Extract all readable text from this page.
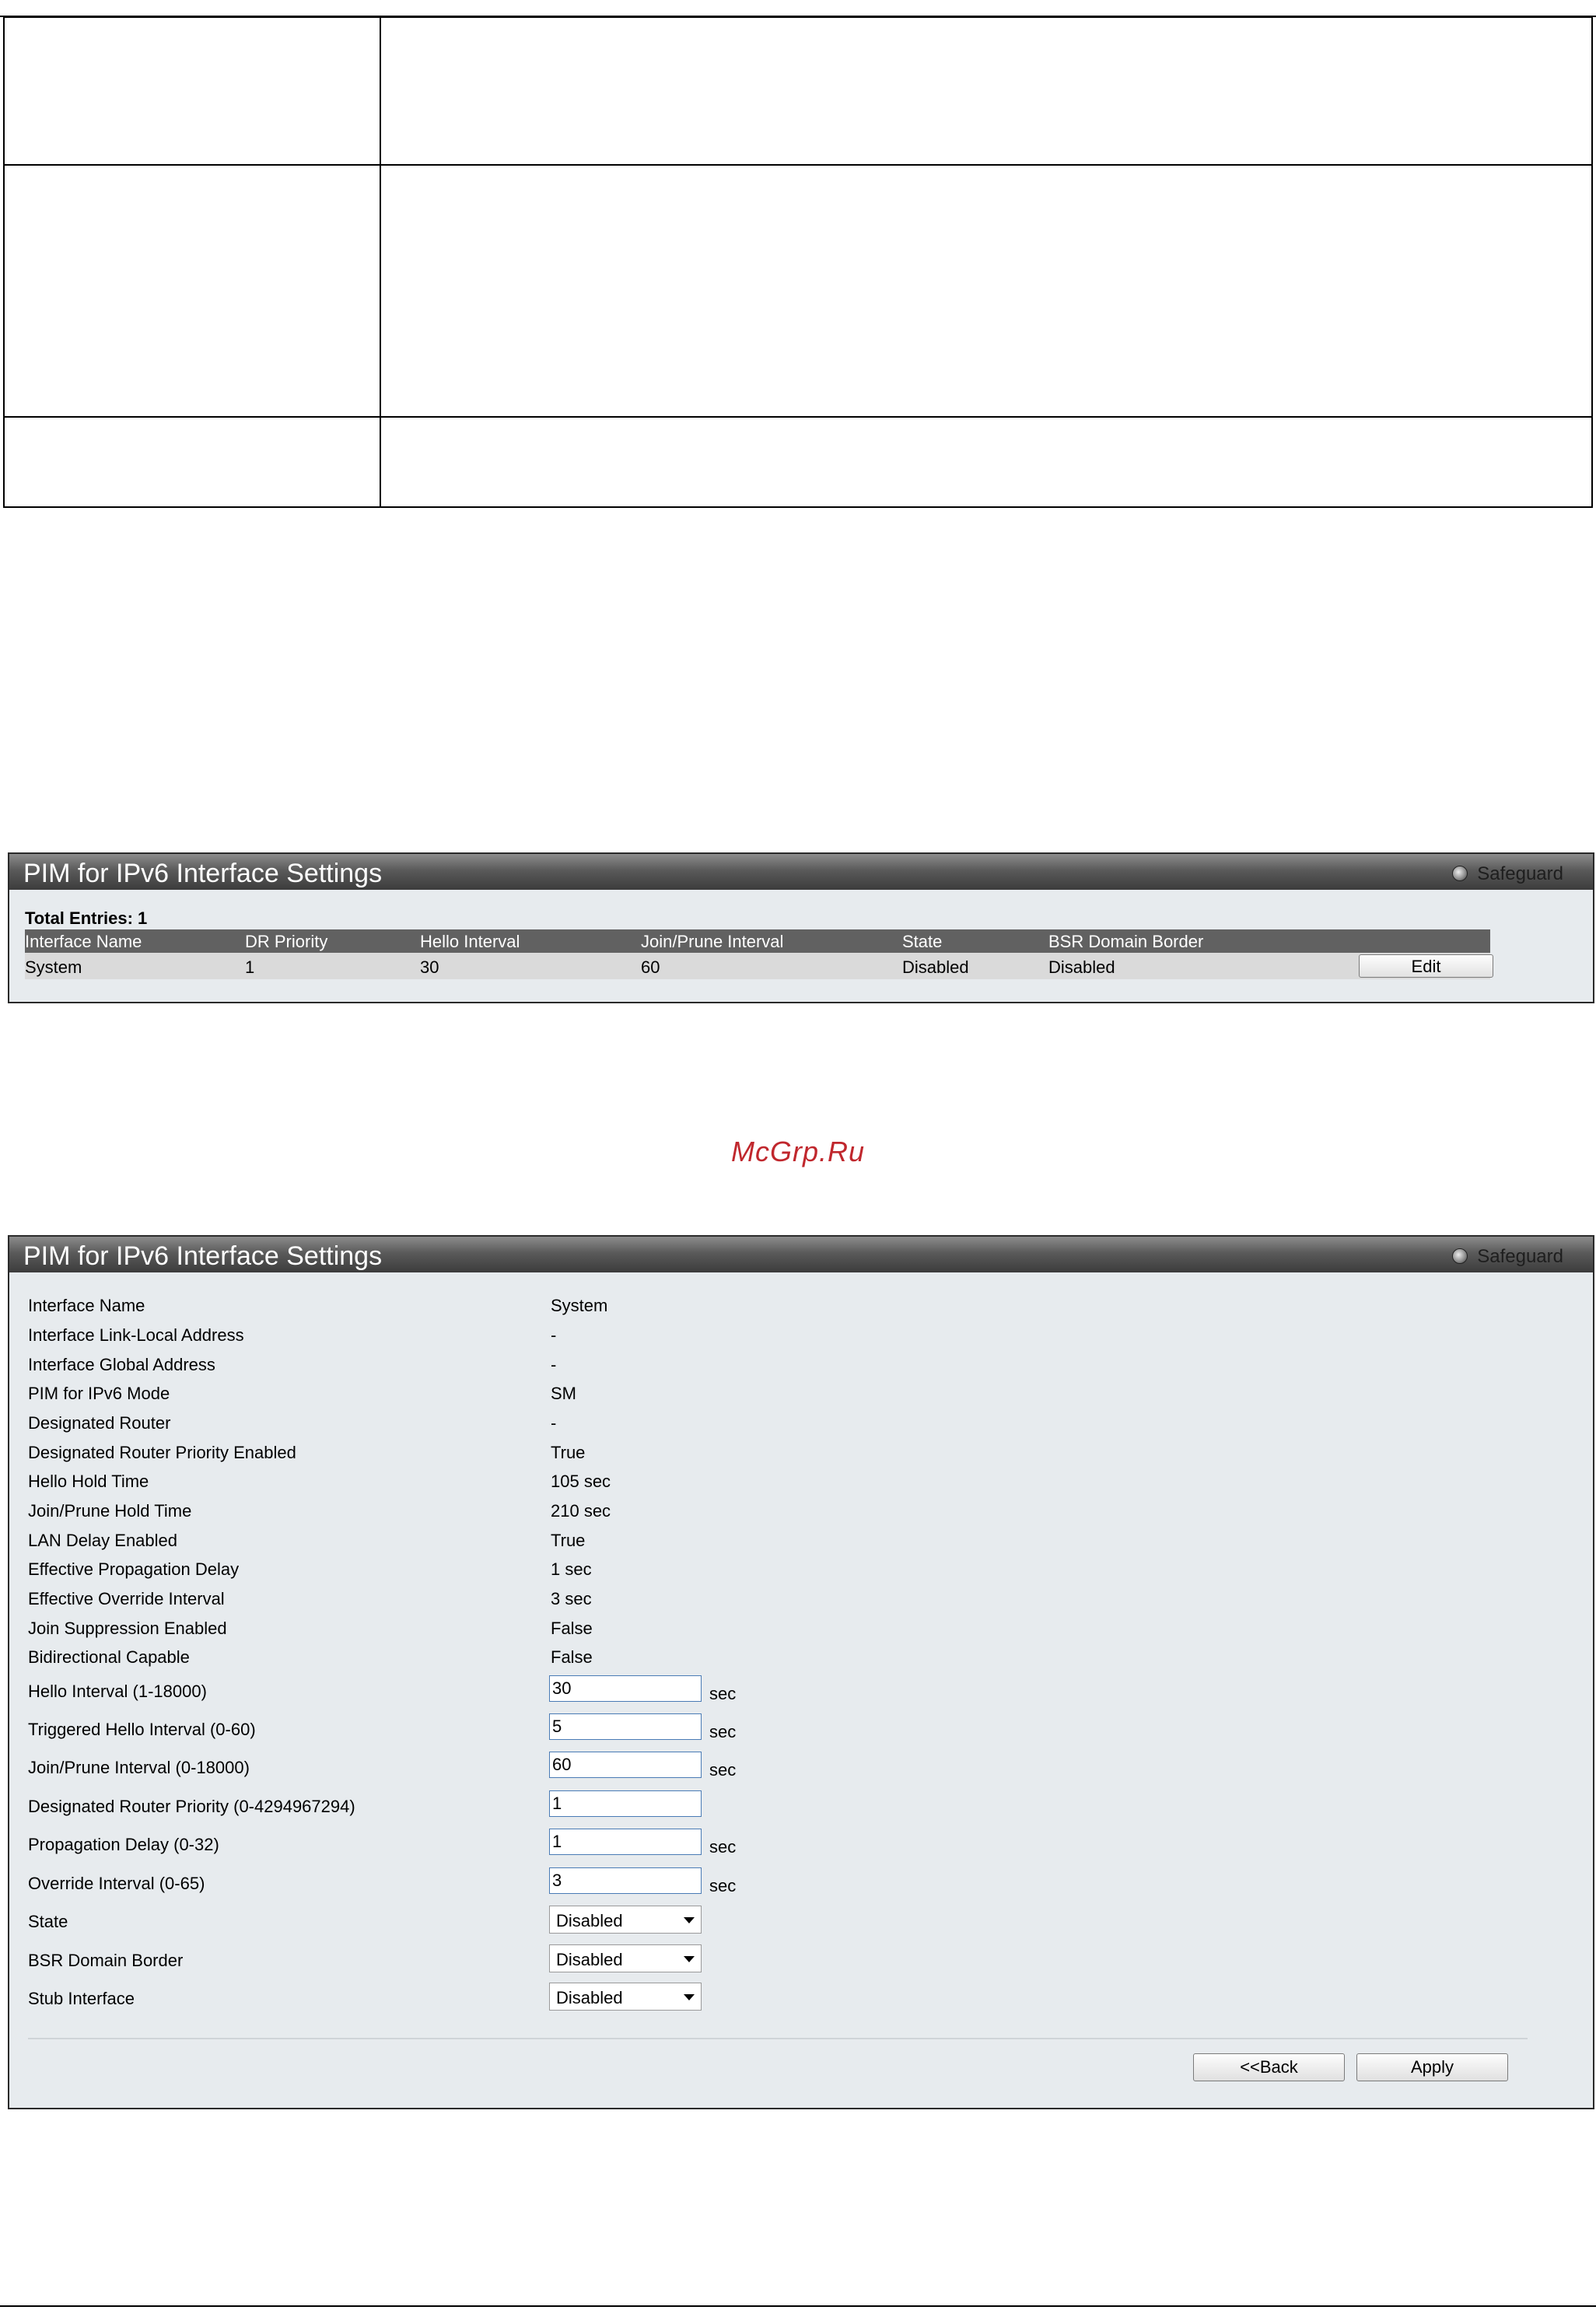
PIM for IPv6 Interface Settings	Safeguard
Total Entries: 1
Interface Name	DR Priority	Hello Interval	Join/Prune Interval	State	BSR Domain Border
System	1	30	60	Disabled	Disabled	Edit
McGrp.Ru
PIM for IPv6 Interface Settings	Safeguard
Interface Name	System
Interface Link-Local Address	-
Interface Global Address	-
PIM for IPv6 Mode	SM
Designated Router	-
Designated Router Priority Enabled	True
Hello Hold Time	105 sec
Join/Prune Hold Time	210 sec
LAN Delay Enabled	True
Effective Propagation Delay	1 sec
Effective Override Interval	3 sec
Join Suppression Enabled	False
Bidirectional Capable	False
Hello Interval (1-18000)	30	sec
Triggered Hello Interval (0-60)	5	sec
Join/Prune Interval (0-18000)	60	sec
Designated Router Priority (0-4294967294)	1
Propagation Delay (0-32)	1	sec
Override Interval (0-65)	3	sec
State	Disabled
BSR Domain Border	Disabled
Stub Interface	Disabled
<<Back	Apply
